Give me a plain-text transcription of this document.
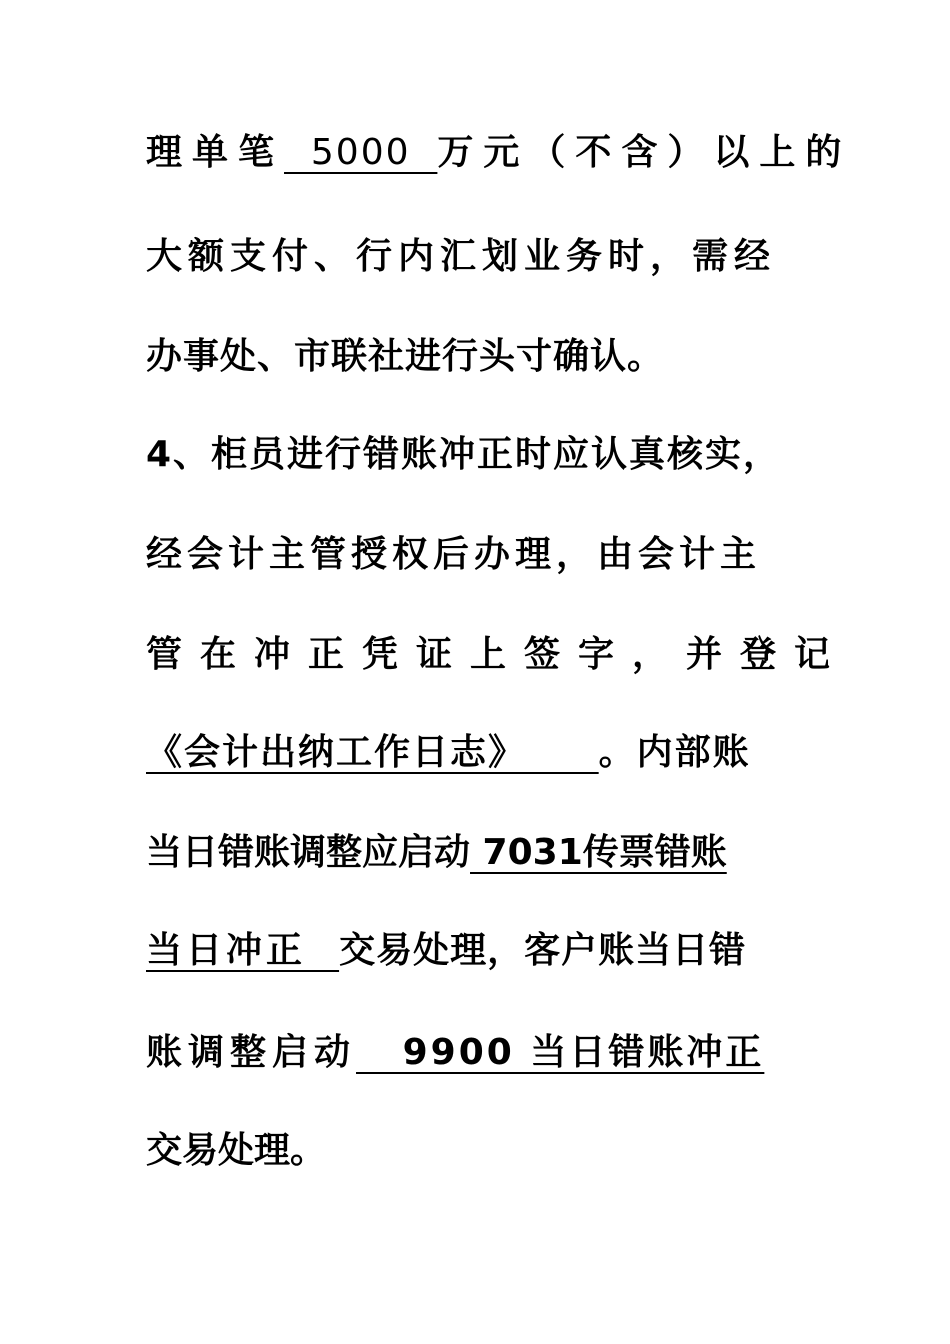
理单笔  5000  万元（不含）以上的
大额支付、行内汇划业务时，需经
办事处、市联社进行头寸确认。
4、柜员进行错账冲正时应认真核实，
经会计主管授权后办理，由会计主
管在冲正凭证上签字，并登记
《会计出纳工作日志》     。内部账
当日错账调整应启动 7031传票错账
当日冲正  交易处理，客户账当日错
账调整启动   9900 当日错账冲正
交易处理。
